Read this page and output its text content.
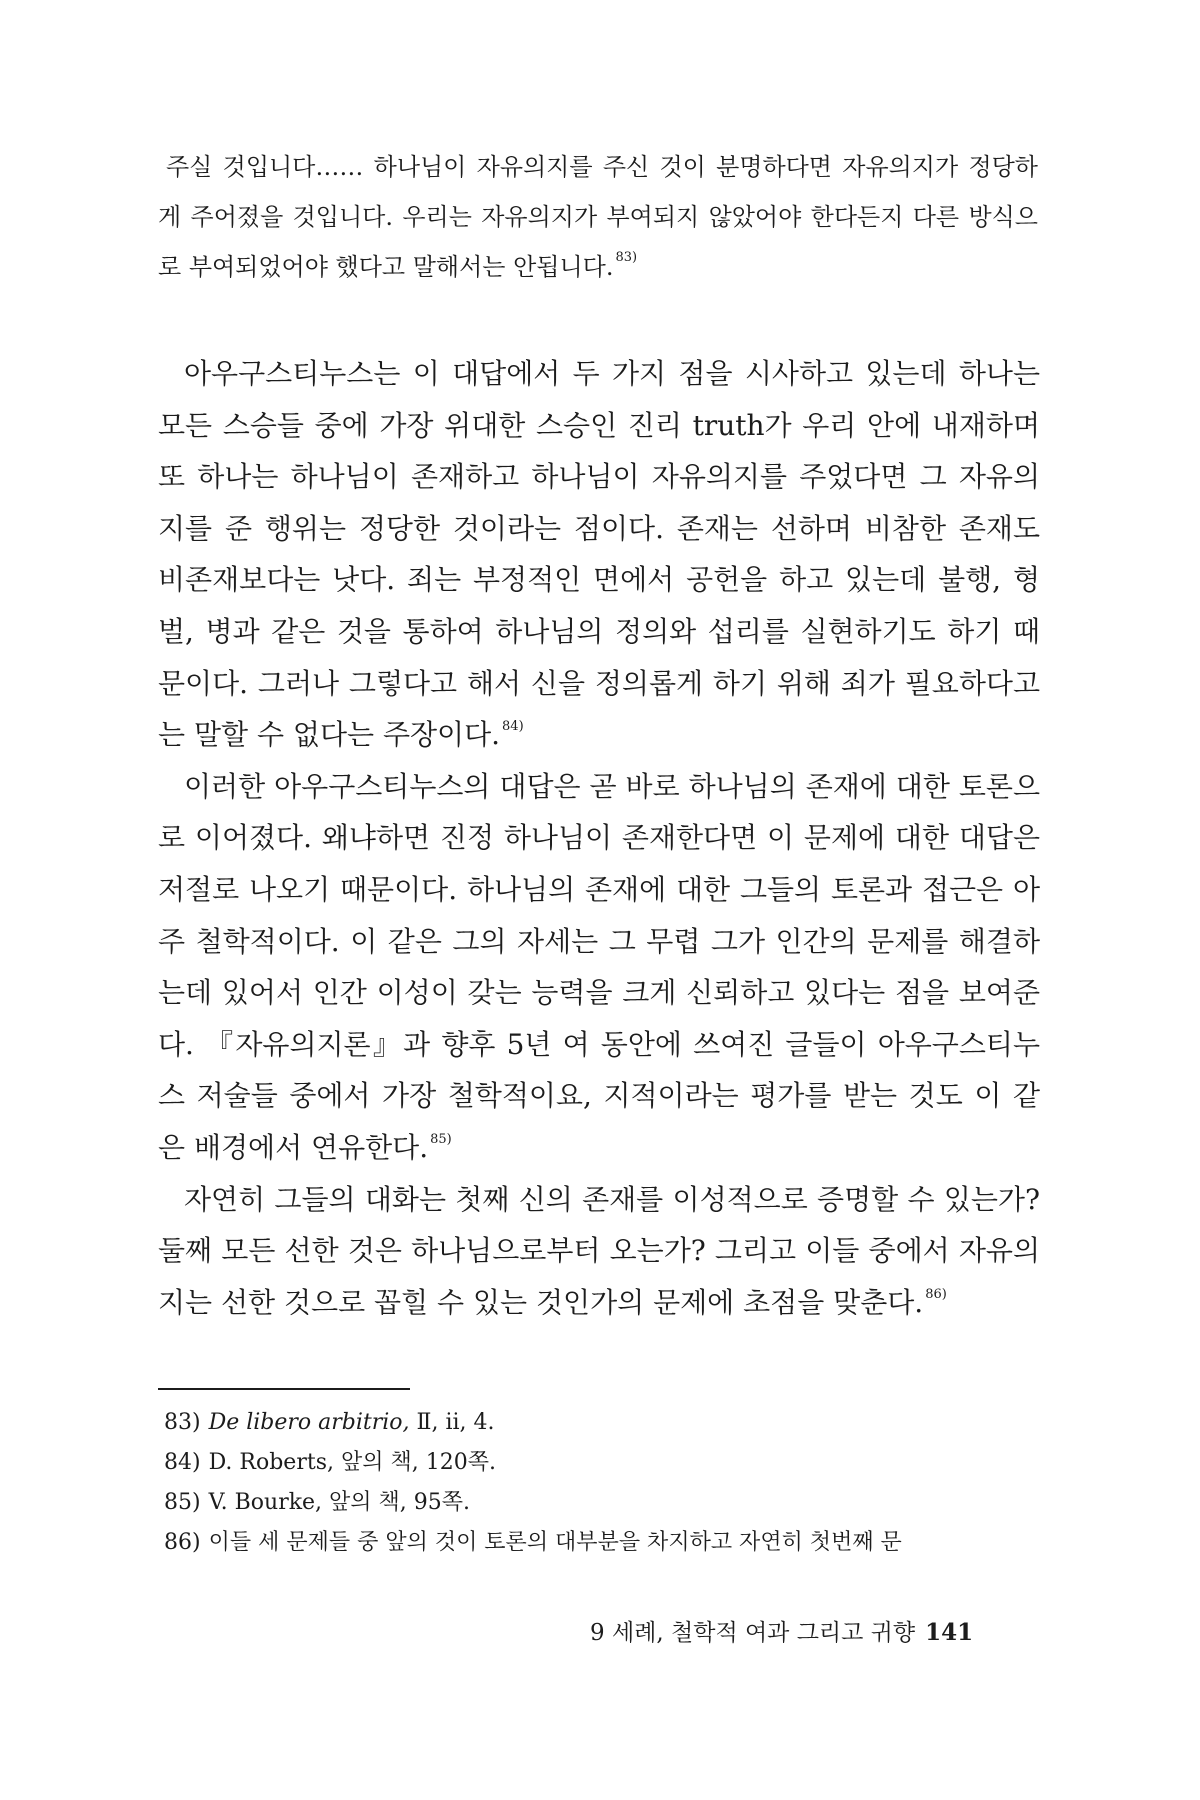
주실 것입니다…… 하나님이 자유의지를 주신 것이 분명하다면 자유의지가 정당하게 주어졌을 것입니다. 우리는 자유의지가 부여되지 않았어야 한다든지 다른 방식으로 부여되었어야 했다고 말해서는 안됩니다. $^{83)}$

아우구스티누스는 이 대답에서 두 가지 점을 시사하고 있는데 하나는 모든 스승들 중에 가장 위대한 스승인 진리 truth가 우리 안에 내재하며 또 하나는 하나님이 존재하고 하나님이 자유의지를 주었다면 그 자유의지를 준 행위는 정당한 것이라는 점이다. 존재는 선하며 비참한 존재도 비존재보다는 낫다. 죄는 부정적인 면에서 공헌을 하고 있는데 불행, 형벌, 병과 같은 것을 통하여 하나님의 정의와 섭리를 실현하기도 하기 때문이다. 그러나 그렇다고 해서 신을 정의롭게 하기 위해 죄가 필요하다고는 말할 수 없다는 주장이다. $^{84)}$

이러한 아우구스티누스의 대답은 곧 바로 하나님의 존재에 대한 토론으로 이어졌다. 왜냐하면 진정 하나님이 존재한다면 이 문제에 대한 대답은 저절로 나오기 때문이다. 하나님의 존재에 대한 그들의 토론과 접근은 아주 철학적이다. 이 같은 그의 자세는 그 무렵 그가 인간의 문제를 해결하는데 있어서 인간 이성이 갖는 능력을 크게 신뢰하고 있다는 점을 보여준다. 『자유의지론』과 향후 5년 여 동안에 쓰여진 글들이 아우구스티누스 저술들 중에서 가장 철학적이요, 지적이라는 평가를 받는 것도 이 같은 배경에서 연유한다. $^{85)}$

자연히 그들의 대화는 첫째 신의 존재를 이성적으로 증명할 수 있는가? 둘째 모든 선한 것은 하나님으로부터 오는가? 그리고 이들 중에서 자유의지는 선한 것으로 꼽힐 수 있는 것인가의 문제에 초점을 맞춘다. $^{86)}$

83) De libero arbitrio, Ⅱ, ii, 4.
84) D. Roberts, 앞의 책, 120쪽.
85) V. Bourke, 앞의 책, 95쪽.
86) 이들 세 문제들 중 앞의 것이 토론의 대부분을 차지하고 자연히 첫번째 문
9 세례, 철학적 여과 그리고 귀향 141
